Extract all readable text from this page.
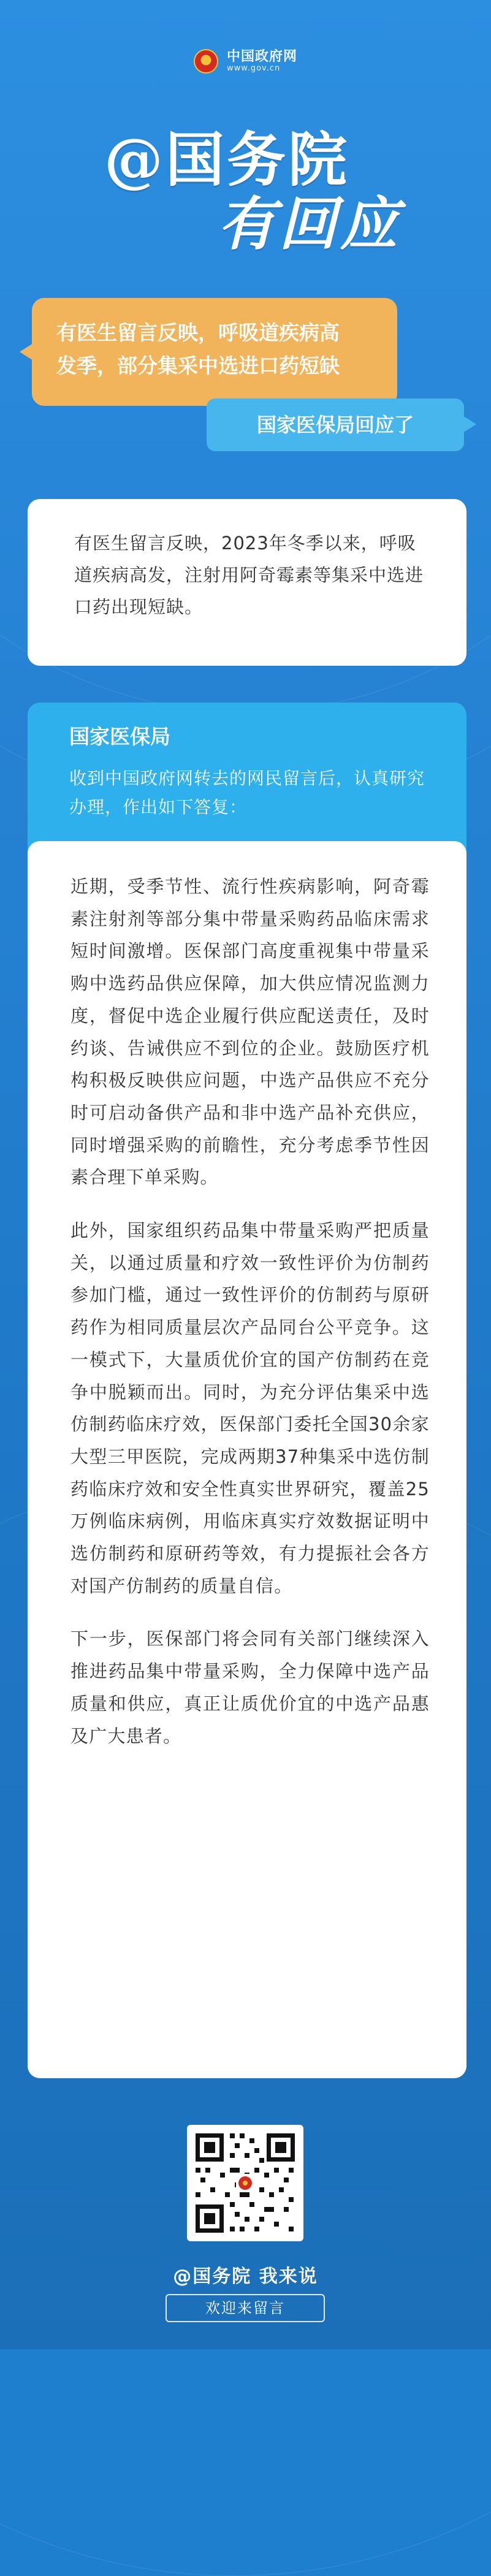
中国政府网
www.gov.cn
@国务院
有回应
有医生留言反映，呼吸道疾病高
发季，部分集采中选进口药短缺
国家医保局回应了
有医生留言反映，2023年冬季以来，呼吸道疾病高发，注射用阿奇霉素等集采中选进口药出现短缺。
国家医保局
收到中国政府网转去的网民留言后，认真研究办理，作出如下答复：

近期，受季节性、流行性疾病影响，阿奇霉素注射剂等部分集中带量采购药品临床需求短时间激增。医保部门高度重视集中带量采购中选药品供应保障，加大供应情况监测力度，督促中选企业履行供应配送责任，及时约谈、告诫供应不到位的企业。鼓励医疗机构积极反映供应问题，中选产品供应不充分时可启动备供产品和非中选产品补充供应，同时增强采购的前瞻性，充分考虑季节性因素合理下单采购。

此外，国家组织药品集中带量采购严把质量关，以通过质量和疗效一致性评价为仿制药参加门槛，通过一致性评价的仿制药与原研药作为相同质量层次产品同台公平竞争。这一模式下，大量质优价宜的国产仿制药在竞争中脱颖而出。同时，为充分评估集采中选仿制药临床疗效，医保部门委托全国30余家大型三甲医院，完成两期37种集采中选仿制药临床疗效和安全性真实世界研究，覆盖25万例临床病例，用临床真实疗效数据证明中选仿制药和原研药等效，有力提振社会各方对国产仿制药的质量自信。

下一步，医保部门将会同有关部门继续深入推进药品集中带量采购，全力保障中选产品质量和供应，真正让质优价宜的中选产品惠及广大患者。

@国务院 我来说
欢迎来留言
